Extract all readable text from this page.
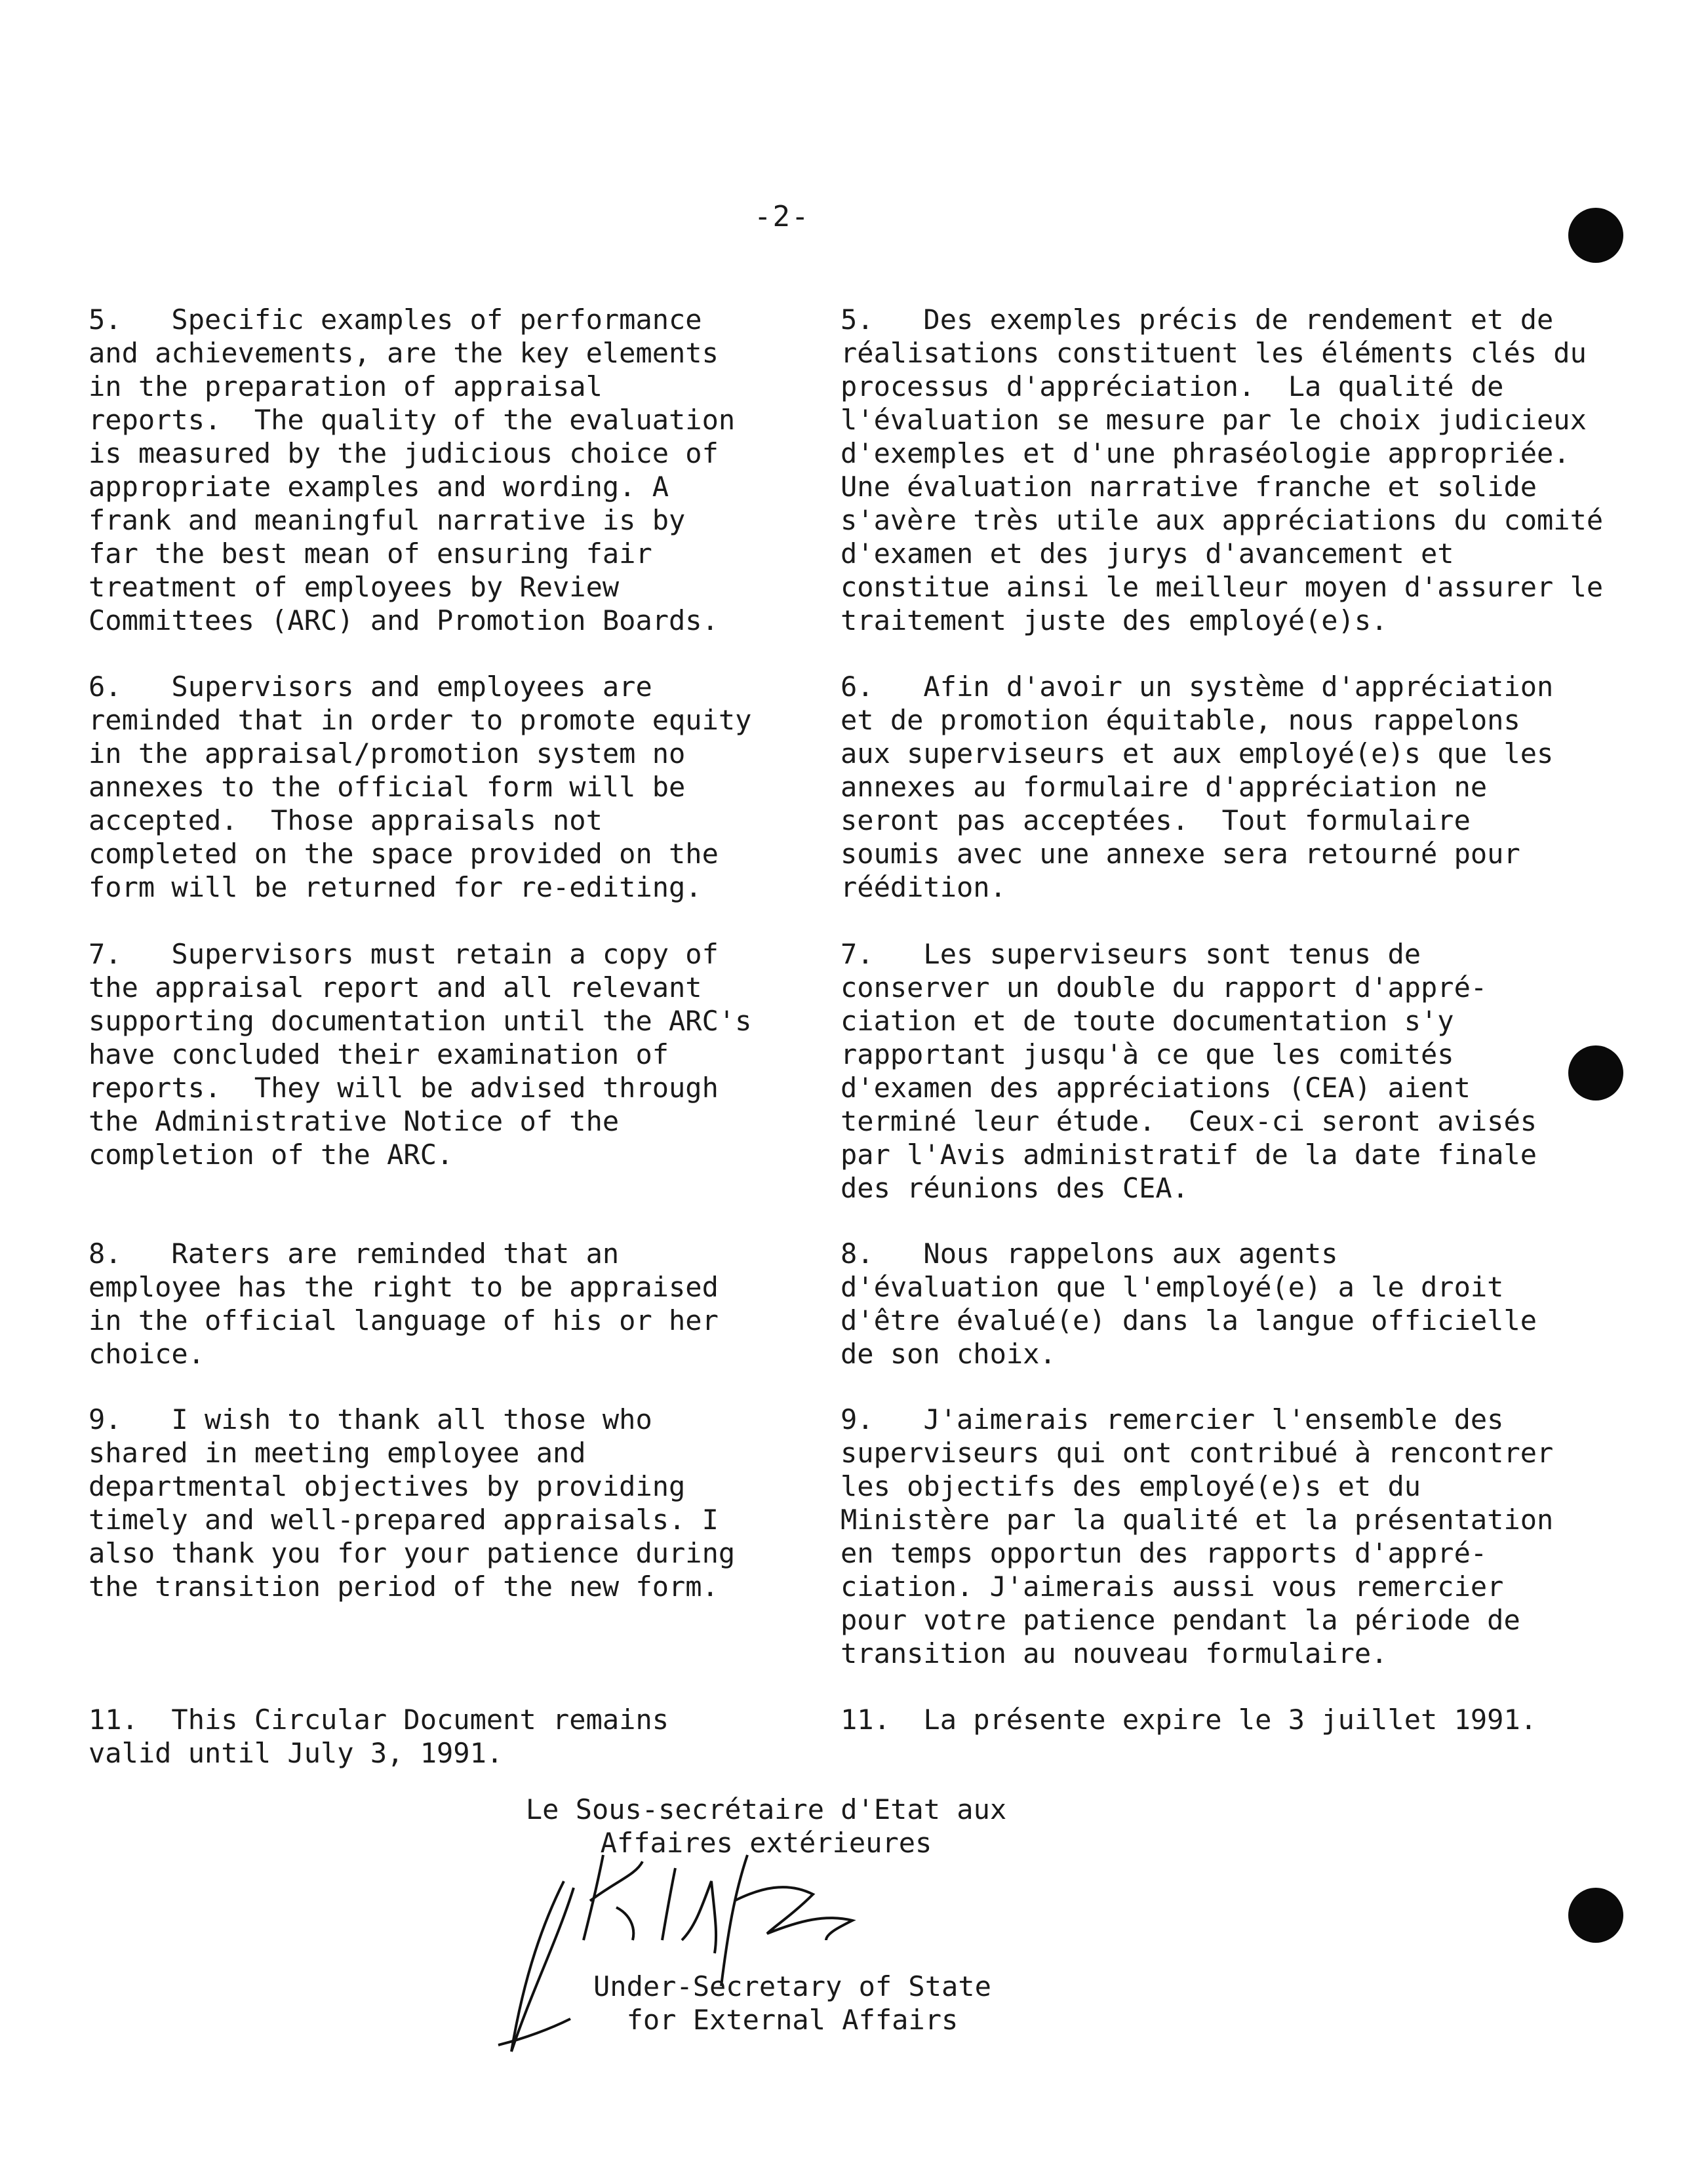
-2-
5.   Specific examples of performance
and achievements, are the key elements
in the preparation of appraisal
reports.  The quality of the evaluation
is measured by the judicious choice of
appropriate examples and wording. A
frank and meaningful narrative is by
far the best mean of ensuring fair
treatment of employees by Review
Committees (ARC) and Promotion Boards.
6.   Supervisors and employees are
reminded that in order to promote equity
in the appraisal/promotion system no
annexes to the official form will be
accepted.  Those appraisals not
completed on the space provided on the
form will be returned for re-editing.
7.   Supervisors must retain a copy of
the appraisal report and all relevant
supporting documentation until the ARC's
have concluded their examination of
reports.  They will be advised through
the Administrative Notice of the
completion of the ARC.
8.   Raters are reminded that an
employee has the right to be appraised
in the official language of his or her
choice.
9.   I wish to thank all those who
shared in meeting employee and
departmental objectives by providing
timely and well-prepared appraisals. I
also thank you for your patience during
the transition period of the new form.
11.  This Circular Document remains
valid until July 3, 1991.
5.   Des exemples précis de rendement et de
réalisations constituent les éléments clés du
processus d'appréciation.  La qualité de
l'évaluation se mesure par le choix judicieux
d'exemples et d'une phraséologie appropriée.
Une évaluation narrative franche et solide
s'avère très utile aux appréciations du comité
d'examen et des jurys d'avancement et
constitue ainsi le meilleur moyen d'assurer le
traitement juste des employé(e)s.
6.   Afin d'avoir un système d'appréciation
et de promotion équitable, nous rappelons
aux superviseurs et aux employé(e)s que les
annexes au formulaire d'appréciation ne
seront pas acceptées.  Tout formulaire
soumis avec une annexe sera retourné pour
réédition.
7.   Les superviseurs sont tenus de
conserver un double du rapport d'appré-
ciation et de toute documentation s'y
rapportant jusqu'à ce que les comités
d'examen des appréciations (CEA) aient
terminé leur étude.  Ceux-ci seront avisés
par l'Avis administratif de la date finale
des réunions des CEA.
8.   Nous rappelons aux agents
d'évaluation que l'employé(e) a le droit
d'être évalué(e) dans la langue officielle
de son choix.
9.   J'aimerais remercier l'ensemble des
superviseurs qui ont contribué à rencontrer
les objectifs des employé(e)s et du
Ministère par la qualité et la présentation
en temps opportun des rapports d'appré-
ciation. J'aimerais aussi vous remercier
pour votre patience pendant la période de
transition au nouveau formulaire.
11.  La présente expire le 3 juillet 1991.
Le Sous-secrétaire d'Etat aux
Affaires extérieures
Under-Secretary of State
for External Affairs
